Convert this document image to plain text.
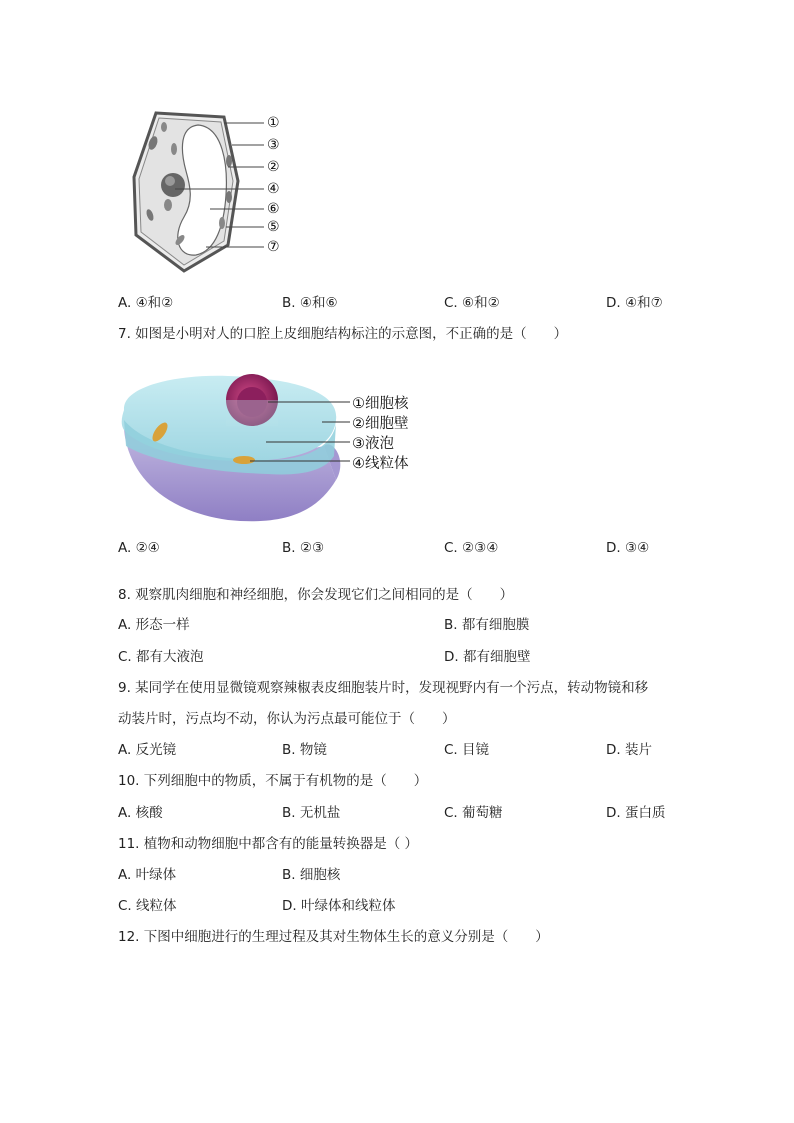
①
③
②
④
⑥
⑤
⑦
A. ④和②	B. ④和⑥	C. ⑥和②	D. ④和⑦
7. 如图是小明对人的口腔上皮细胞结构标注的示意图，不正确的是（　　）
①细胞核
②细胞壁
③液泡
④线粒体
A. ②④	B. ②③	C. ②③④	D. ③④
8. 观察肌肉细胞和神经细胞，你会发现它们之间相同的是（　　）
A. 形态一样	B. 都有细胞膜
C. 都有大液泡	D. 都有细胞壁
9. 某同学在使用显微镜观察辣椒表皮细胞装片时，发现视野内有一个污点，转动物镜和移
动装片时，污点均不动，你认为污点最可能位于（　　）
A. 反光镜	B. 物镜	C. 目镜	D. 装片
10. 下列细胞中的物质，不属于有机物的是（　　）
A. 核酸	B. 无机盐	C. 葡萄糖	D. 蛋白质
11. 植物和动物细胞中都含有的能量转换器是（ ）
A. 叶绿体	B. 细胞核
C. 线粒体	D. 叶绿体和线粒体
12. 下图中细胞进行的生理过程及其对生物体生长的意义分别是（　　）
